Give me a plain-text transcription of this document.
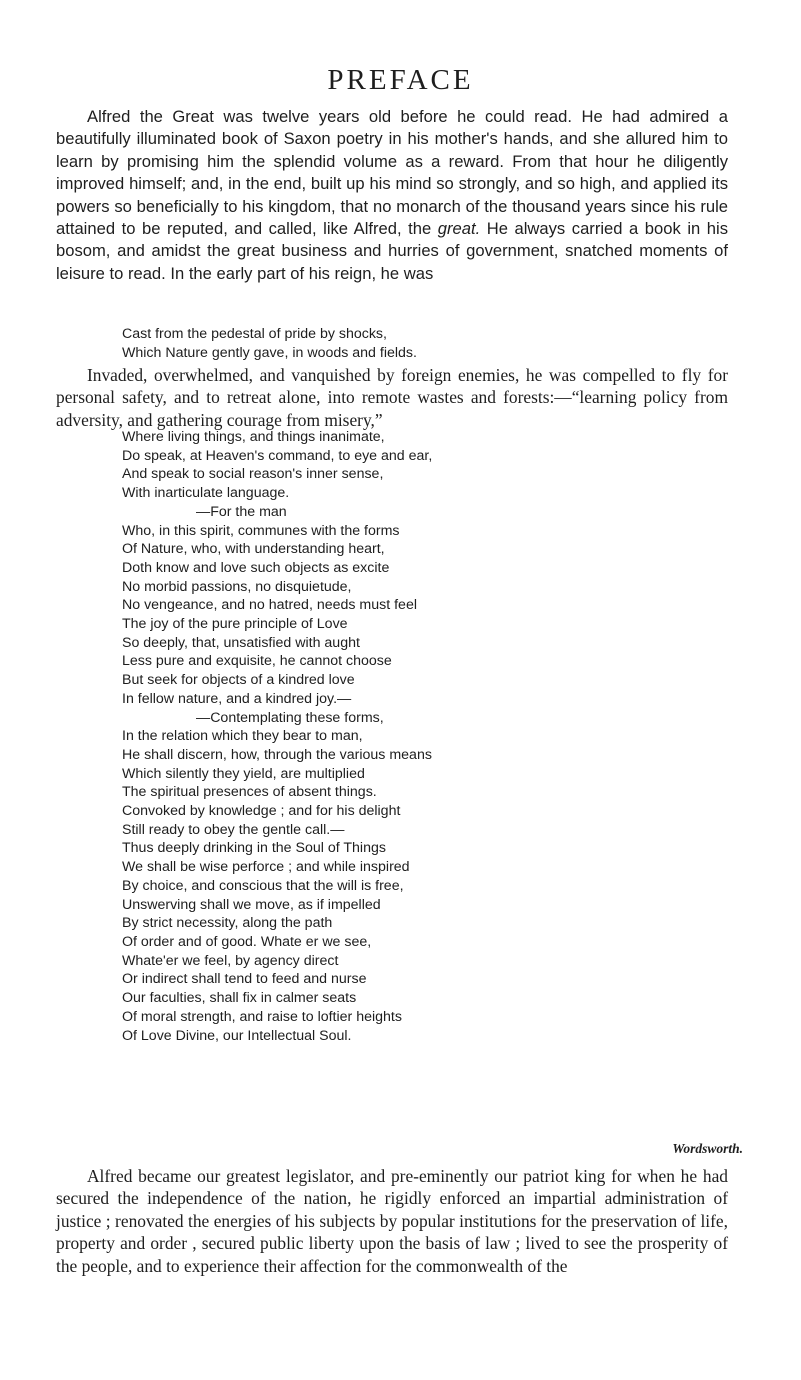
PREFACE

Alfred the Great was twelve years old before he could read. He had admired a beautifully illuminated book of Saxon poetry in his mother's hands, and she allured him to learn by promising him the splendid volume as a reward. From that hour he diligently improved himself; and, in the end, built up his mind so strongly, and so high, and applied its powers so beneficially to his kingdom, that no monarch of the thousand years since his rule attained to be reputed, and called, like Alfred, the great. He always carried a book in his bosom, and amidst the great business and hurries of government, snatched moments of leisure to read. In the early part of his reign, he was

Cast from the pedestal of pride by shocks,
Which Nature gently gave, in woods and fields.

Invaded, overwhelmed, and vanquished by foreign enemies, he was compelled to fly for personal safety, and to retreat alone, into remote wastes and forests:—“learning policy from adversity, and gathering courage from misery,”

Where living things, and things inanimate,
Do speak, at Heaven's command, to eye and ear,
And speak to social reason's inner sense,
With inarticulate language.
—For the man
Who, in this spirit, communes with the forms
Of Nature, who, with understanding heart,
Doth know and love such objects as excite
No morbid passions, no disquietude,
No vengeance, and no hatred, needs must feel
The joy of the pure principle of Love
So deeply, that, unsatisfied with aught
Less pure and exquisite, he cannot choose
But seek for objects of a kindred love
In fellow nature, and a kindred joy.—
—Contemplating these forms,
In the relation which they bear to man,
He shall discern, how, through the various means
Which silently they yield, are multiplied
The spiritual presences of absent things.
Convoked by knowledge ; and for his delight
Still ready to obey the gentle call.—
Thus deeply drinking in the Soul of Things
We shall be wise perforce ; and while inspired
By choice, and conscious that the will is free,
Unswerving shall we move, as if impelled
By strict necessity, along the path
Of order and of good. Whate er we see,
Whate'er we feel, by agency direct
Or indirect shall tend to feed and nurse
Our faculties, shall fix in calmer seats
Of moral strength, and raise to loftier heights
Of Love Divine, our Intellectual Soul.

Wordsworth.

Alfred became our greatest legislator, and pre-eminently our patriot king for when he had secured the independence of the nation, he rigidly enforced an impartial administration of justice ; renovated the energies of his subjects by popular institutions for the preservation of life, property and order , secured public liberty upon the basis of law ; lived to see the prosperity of the people, and to experience their affection for the commonwealth of the
